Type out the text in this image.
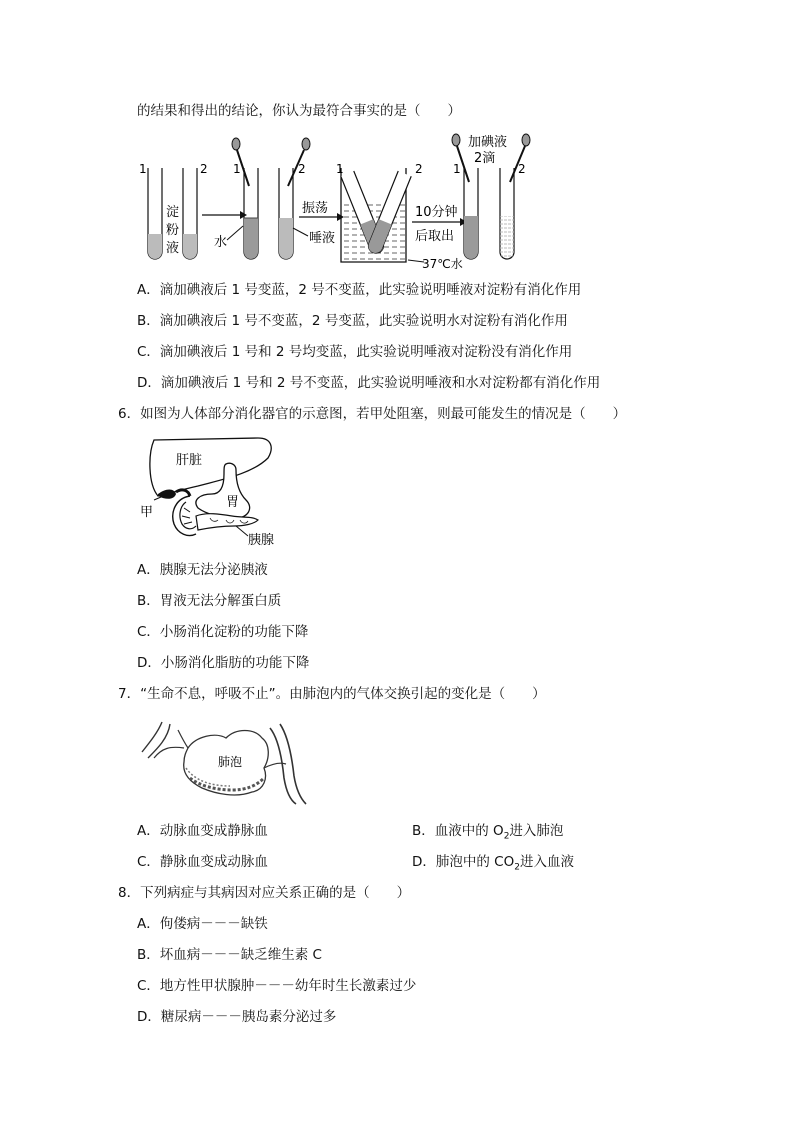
的结果和得出的结论，你认为最符合事实的是（　　）
1	2
淀
粉
液
1	2
水	唾液
振荡
1	2
37℃水
10分钟
后取出
加碘液
2滴
1	2
A．滴加碘液后 1 号变蓝，2 号不变蓝，此实验说明唾液对淀粉有消化作用
B．滴加碘液后 1 号不变蓝，2 号变蓝，此实验说明水对淀粉有消化作用
C．滴加碘液后 1 号和 2 号均变蓝，此实验说明唾液对淀粉没有消化作用
D．滴加碘液后 1 号和 2 号不变蓝，此实验说明唾液和水对淀粉都有消化作用
6．如图为人体部分消化器官的示意图，若甲处阻塞，则最可能发生的情况是（　　）
肝脏
胃
甲
胰腺
A．胰腺无法分泌胰液
B．胃液无法分解蛋白质
C．小肠消化淀粉的功能下降
D．小肠消化脂肪的功能下降
7．“生命不息，呼吸不止”。由肺泡内的气体交换引起的变化是（　　）
肺泡
A．动脉血变成静脉血	B．血液中的 $O_2$进入肺泡
C．静脉血变成动脉血	D．肺泡中的 $CO_2$进入血液
8．下列病症与其病因对应关系正确的是（　　）
A．佝偻病－－－缺铁
B．坏血病－－－缺乏维生素 C
C．地方性甲状腺肿－－－幼年时生长激素过少
D．糖尿病－－－胰岛素分泌过多
